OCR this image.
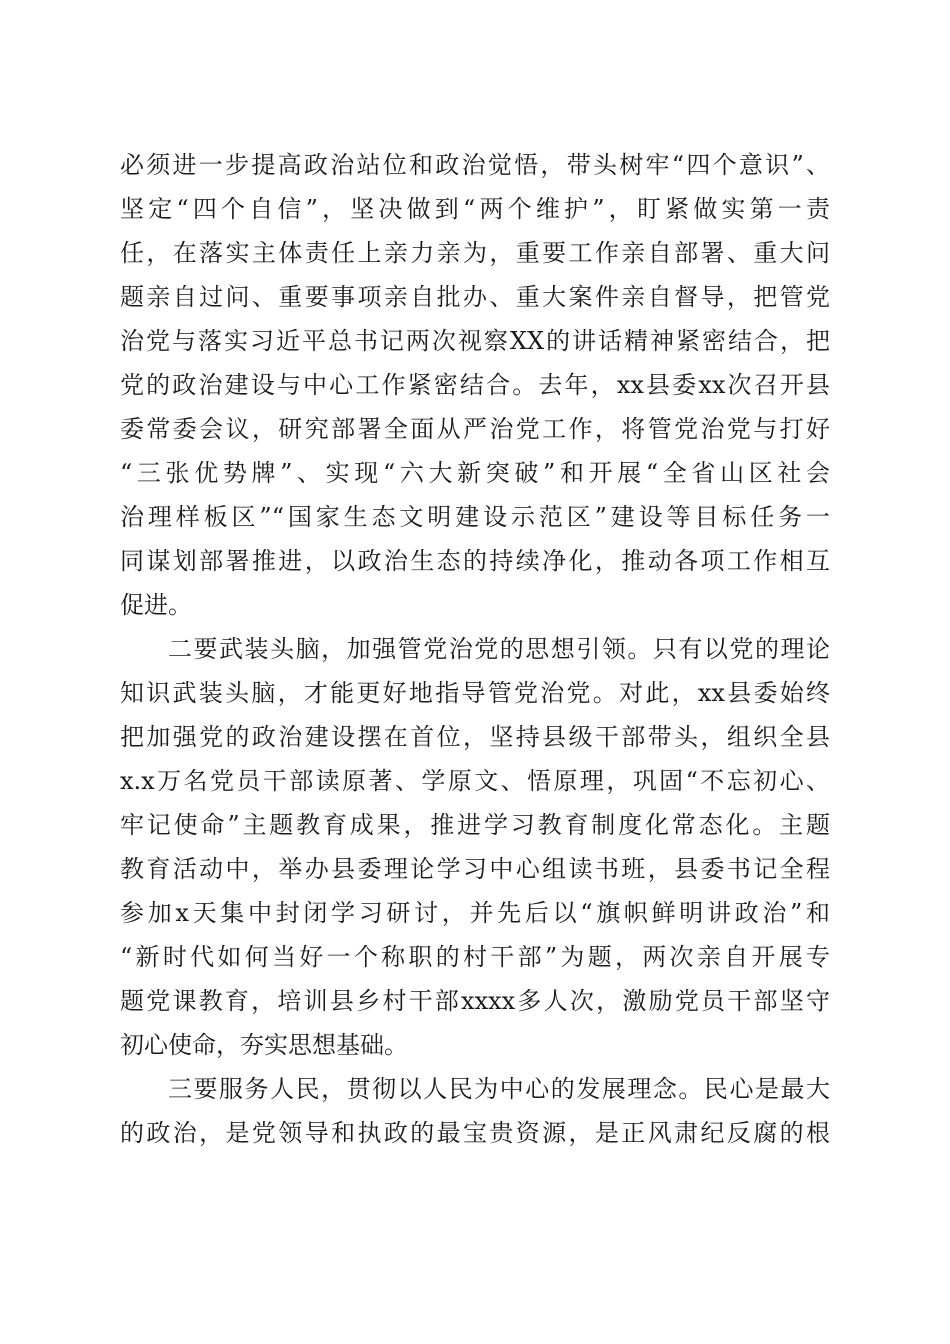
必须进一步提高政治站位和政治觉悟，带头树牢“四个意识”、
坚定“四个自信”，坚决做到“两个维护”，盯紧做实第一责
任，在落实主体责任上亲力亲为，重要工作亲自部署、重大问
题亲自过问、重要事项亲自批办、重大案件亲自督导，把管党
治党与落实习近平总书记两次视察XX的讲话精神紧密结合，把
党的政治建设与中心工作紧密结合。去年，xx县委xx次召开县
委常委会议，研究部署全面从严治党工作，将管党治党与打好
“三张优势牌”、实现“六大新突破”和开展“全省山区社会
治理样板区”“国家生态文明建设示范区”建设等目标任务一
同谋划部署推进，以政治生态的持续净化，推动各项工作相互
促进。
二要武装头脑，加强管党治党的思想引领。只有以党的理论
知识武装头脑，才能更好地指导管党治党。对此，xx县委始终
把加强党的政治建设摆在首位，坚持县级干部带头，组织全县
x.x万名党员干部读原著、学原文、悟原理，巩固“不忘初心、
牢记使命”主题教育成果，推进学习教育制度化常态化。主题
教育活动中，举办县委理论学习中心组读书班，县委书记全程
参加x天集中封闭学习研讨，并先后以“旗帜鲜明讲政治”和
“新时代如何当好一个称职的村干部”为题，两次亲自开展专
题党课教育，培训县乡村干部xxxx多人次，激励党员干部坚守
初心使命，夯实思想基础。
三要服务人民，贯彻以人民为中心的发展理念。民心是最大
的政治，是党领导和执政的最宝贵资源，是正风肃纪反腐的根
